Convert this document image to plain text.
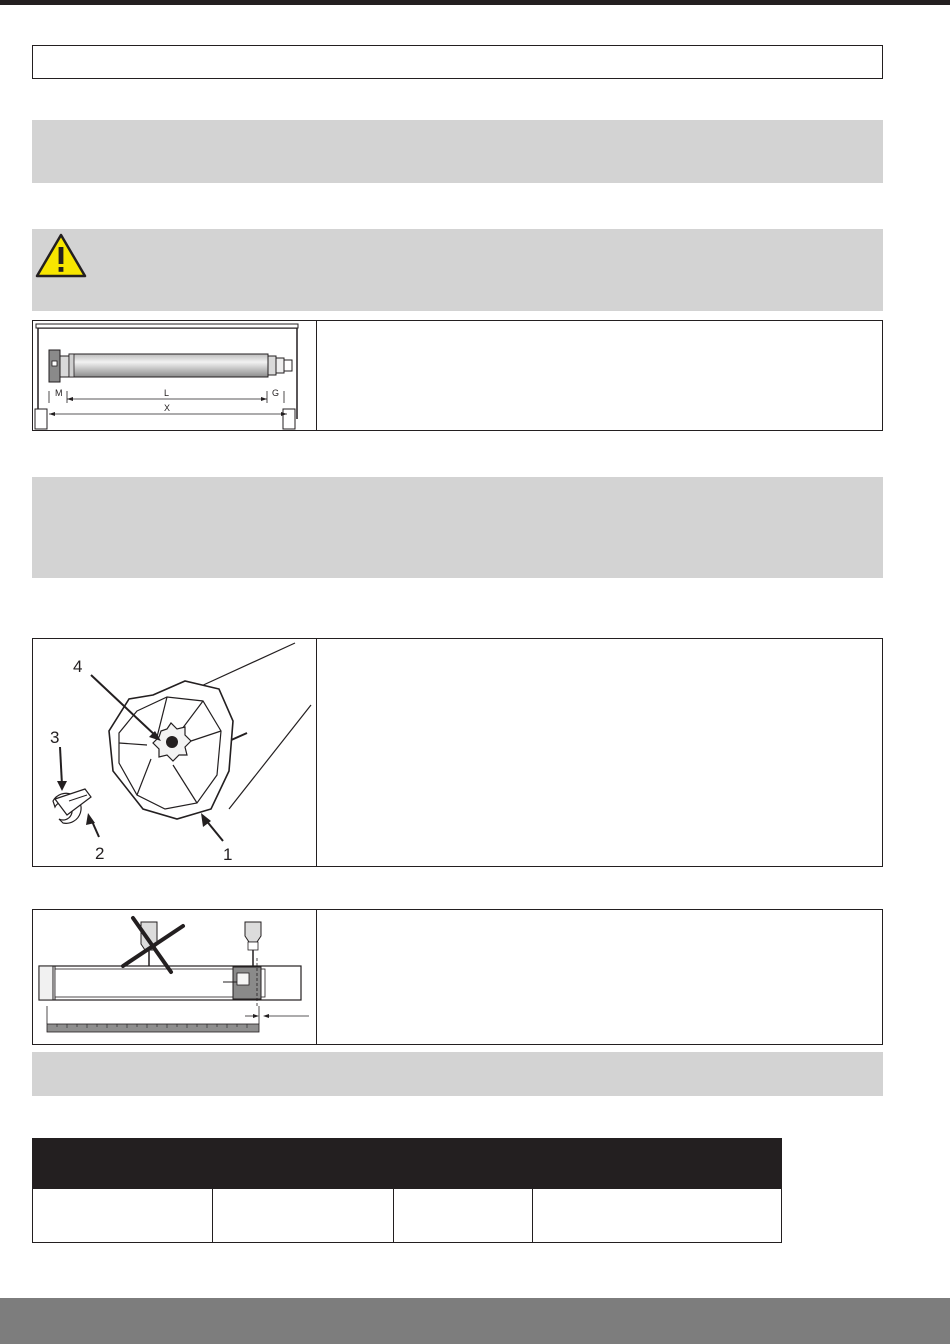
M	L	G
X
4
3
2	1
